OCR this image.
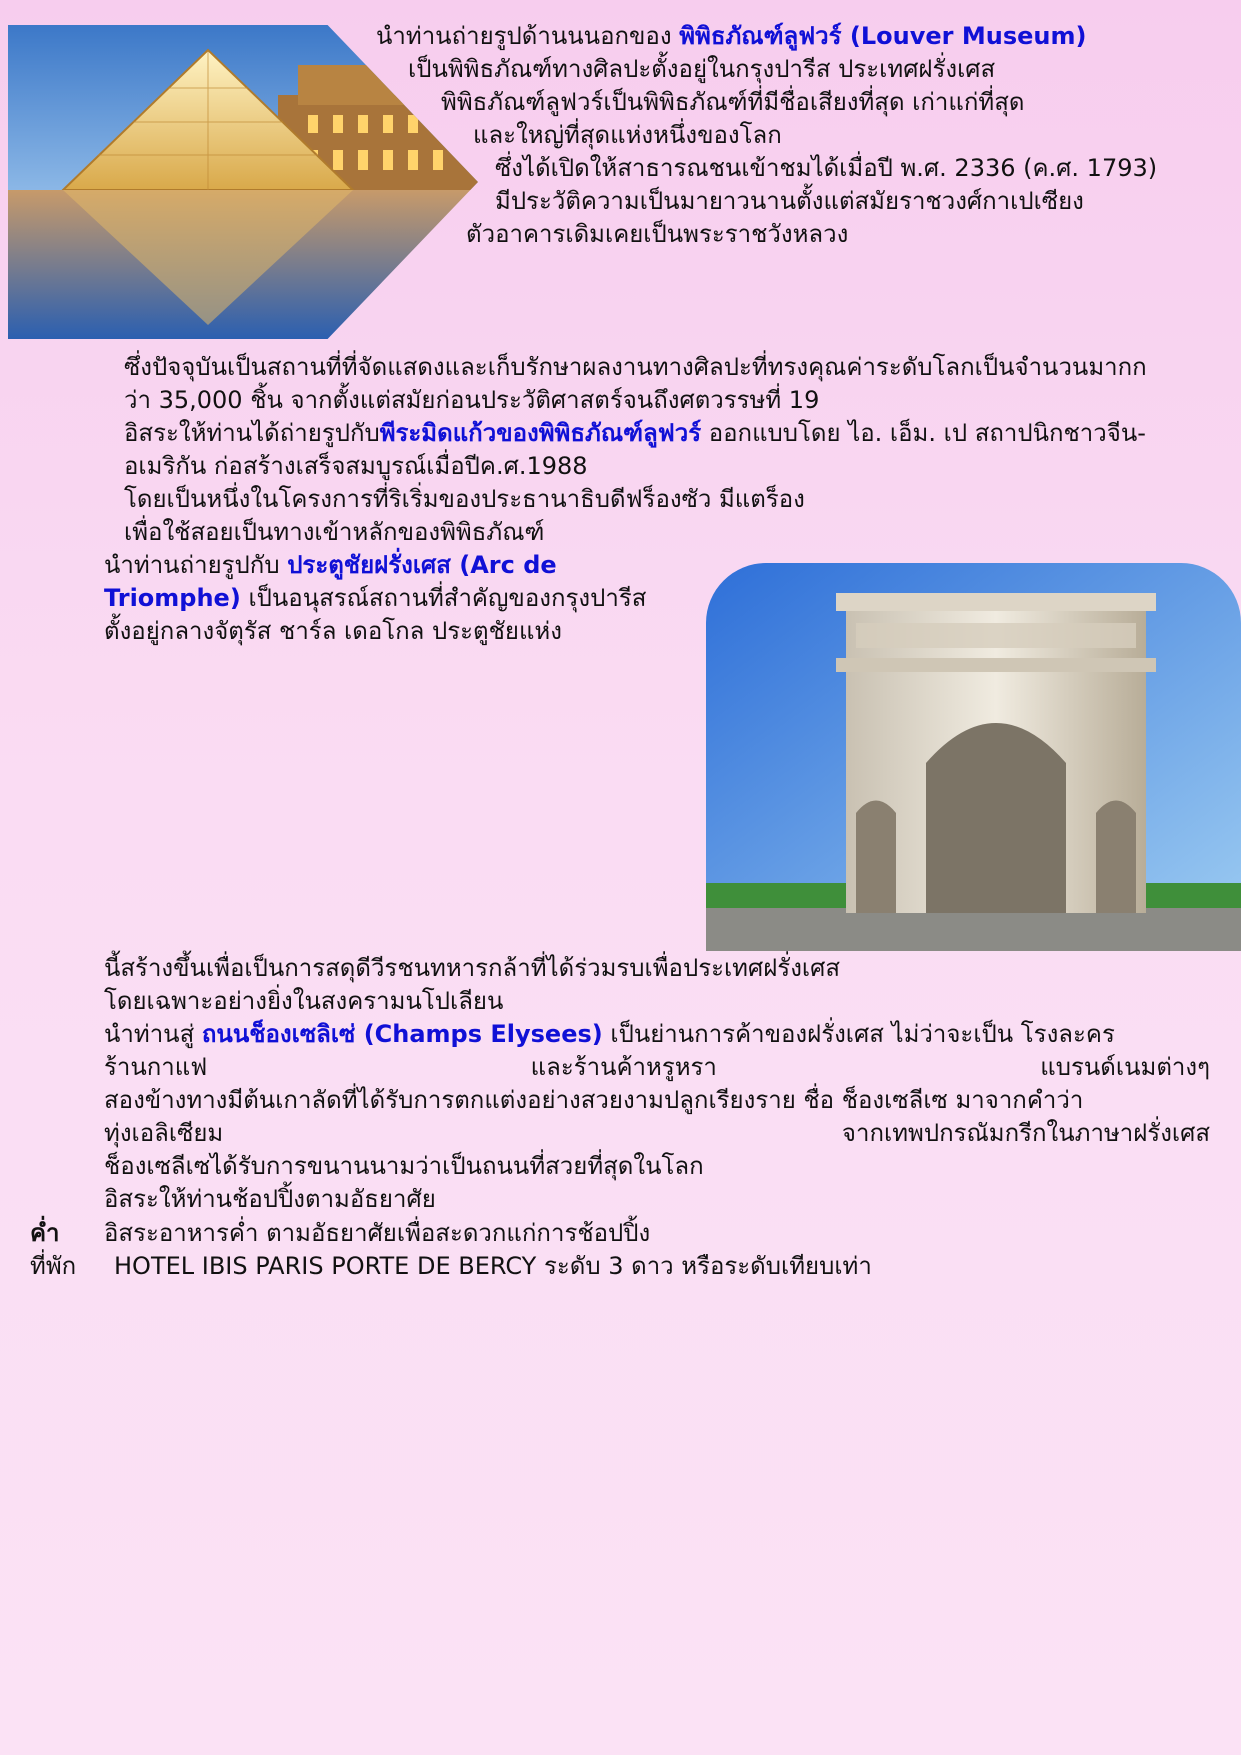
นำท่านถ่ายรูปด้านนนอกของ พิพิธภัณฑ์ลูฟวร์ (Louver Museum)
เป็นพิพิธภัณฑ์ทางศิลปะตั้งอยู่ในกรุงปารีส ประเทศฝรั่งเศส
พิพิธภัณฑ์ลูฟวร์เป็นพิพิธภัณฑ์ที่มีชื่อเสียงที่สุด เก่าแก่ที่สุด
และใหญ่ที่สุดแห่งหนึ่งของโลก
ซึ่งได้เปิดให้สาธารณชนเข้าชมได้เมื่อปี พ.ศ. 2336 (ค.ศ. 1793)
มีประวัติความเป็นมายาวนานตั้งแต่สมัยราชวงศ์กาเปเซียง
ตัวอาคารเดิมเคยเป็นพระราชวังหลวง
ซึ่งปัจจุบันเป็นสถานที่ที่จัดแสดงและเก็บรักษาผลงานทางศิลปะที่ทรงคุณค่าระดับโลกเป็นจำนวนมากก
ว่า 35,000 ชิ้น จากตั้งแต่สมัยก่อนประวัติศาสตร์จนถึงศตวรรษที่ 19
อิสระให้ท่านได้ถ่ายรูปกับพีระมิดแก้วของพิพิธภัณฑ์ลูฟวร์ ออกแบบโดย ไอ. เอ็ม. เป สถาปนิกชาวจีน-
อเมริกัน ก่อสร้างเสร็จสมบูรณ์เมื่อปีค.ศ.1988
โดยเป็นหนึ่งในโครงการที่ริเริ่มของประธานาธิบดีฟร็องซัว มีแตร็อง
เพื่อใช้สอยเป็นทางเข้าหลักของพิพิธภัณฑ์
นำท่านถ่ายรูปกับ ประตูชัยฝรั่งเศส (Arc de
Triomphe) เป็นอนุสรณ์สถานที่สำคัญของกรุงปารีส
ตั้งอยู่กลางจัตุรัส ชาร์ล เดอโกล ประตูชัยแห่ง
นี้สร้างขึ้นเพื่อเป็นการสดุดีวีรชนทหารกล้าที่ได้ร่วมรบเพื่อประเทศฝรั่งเศส
โดยเฉพาะอย่างยิ่งในสงครามนโปเลียน
นำท่านสู่ ถนนช็องเซลิเซ่ (Champs Elysees) เป็นย่านการค้าของฝรั่งเศส ไม่ว่าจะเป็น โรงละคร
ร้านกาแฟ และร้านค้าหรูหรา แบรนด์เนมต่างๆ
สองข้างทางมีต้นเกาลัดที่ได้รับการตกแต่งอย่างสวยงามปลูกเรียงราย ชื่อ ช็องเซลีเซ มาจากคำว่า
ทุ่งเอลิเซียม จากเทพปกรณัมกรีกในภาษาฝรั่งเศส
ช็องเซลีเซได้รับการขนานนามว่าเป็นถนนที่สวยที่สุดในโลก
อิสระให้ท่านช้อปปิ้งตามอัธยาศัย
ค่ำ อิสระอาหารค่ำ ตามอัธยาศัยเพื่อสะดวกแก่การช้อปปิ้ง
ที่พัก HOTEL IBIS PARIS PORTE DE BERCY ระดับ 3 ดาว หรือระดับเทียบเท่า
